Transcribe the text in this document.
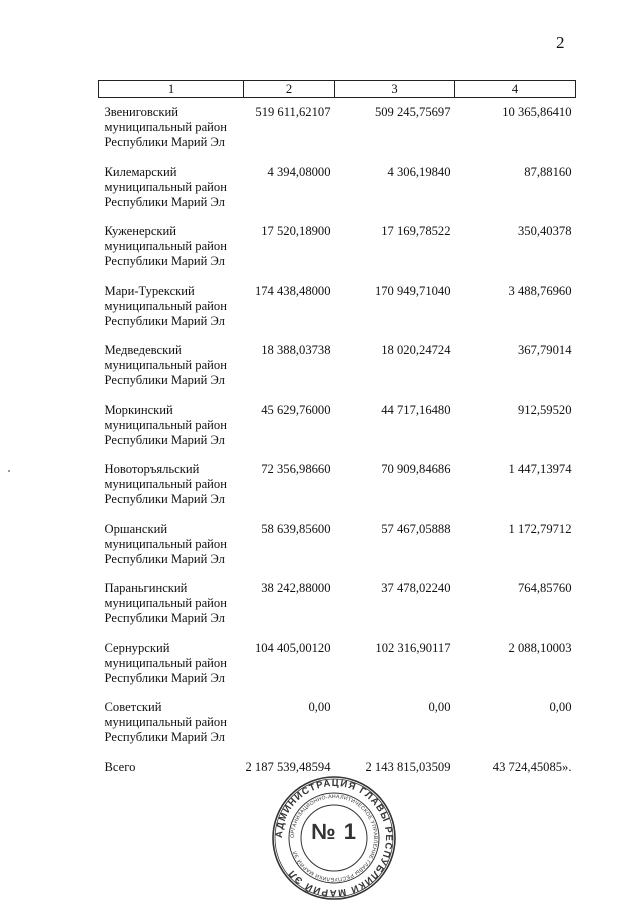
2
1	2	3	4

Звениговский
муниципальный район
Республики Марий Эл	519 611,62107	509 245,75697	10 365,86410

Килемарский
муниципальный район
Республики Марий Эл	4 394,08000	4 306,19840	87,88160

Куженерский
муниципальный район
Республики Марий Эл	17 520,18900	17 169,78522	350,40378

Мари-Турекский
муниципальный район
Республики Марий Эл	174 438,48000	170 949,71040	3 488,76960

Медведевский
муниципальный район
Республики Марий Эл	18 388,03738	18 020,24724	367,79014

Моркинский
муниципальный район
Республики Марий Эл	45 629,76000	44 717,16480	912,59520

Новоторъяльский
муниципальный район
Республики Марий Эл	72 356,98660	70 909,84686	1 447,13974

Оршанский
муниципальный район
Республики Марий Эл	58 639,85600	57 467,05888	1 172,79712

Параньгинский
муниципальный район
Республики Марий Эл	38 242,88000	37 478,02240	764,85760

Сернурский
муниципальный район
Республики Марий Эл	104 405,00120	102 316,90117	2 088,10003

Советский
муниципальный район
Республики Марий Эл	0,00	0,00	0,00
Всего	2 187 539,48594	2 143 815,03509	43 724,45085».
АДМИНИСТРАЦИЯ ГЛАВЫ РЕСПУБЛИКИ МАРИЙ ЭЛ
ОРГАНИЗАЦИОННО-АНАЛИТИЧЕСКОЕ УПРАВЛЕНИЕ ГЛАВЫ РЕСПУБЛИКИ МАРИЙ ЭЛ
№ 1
